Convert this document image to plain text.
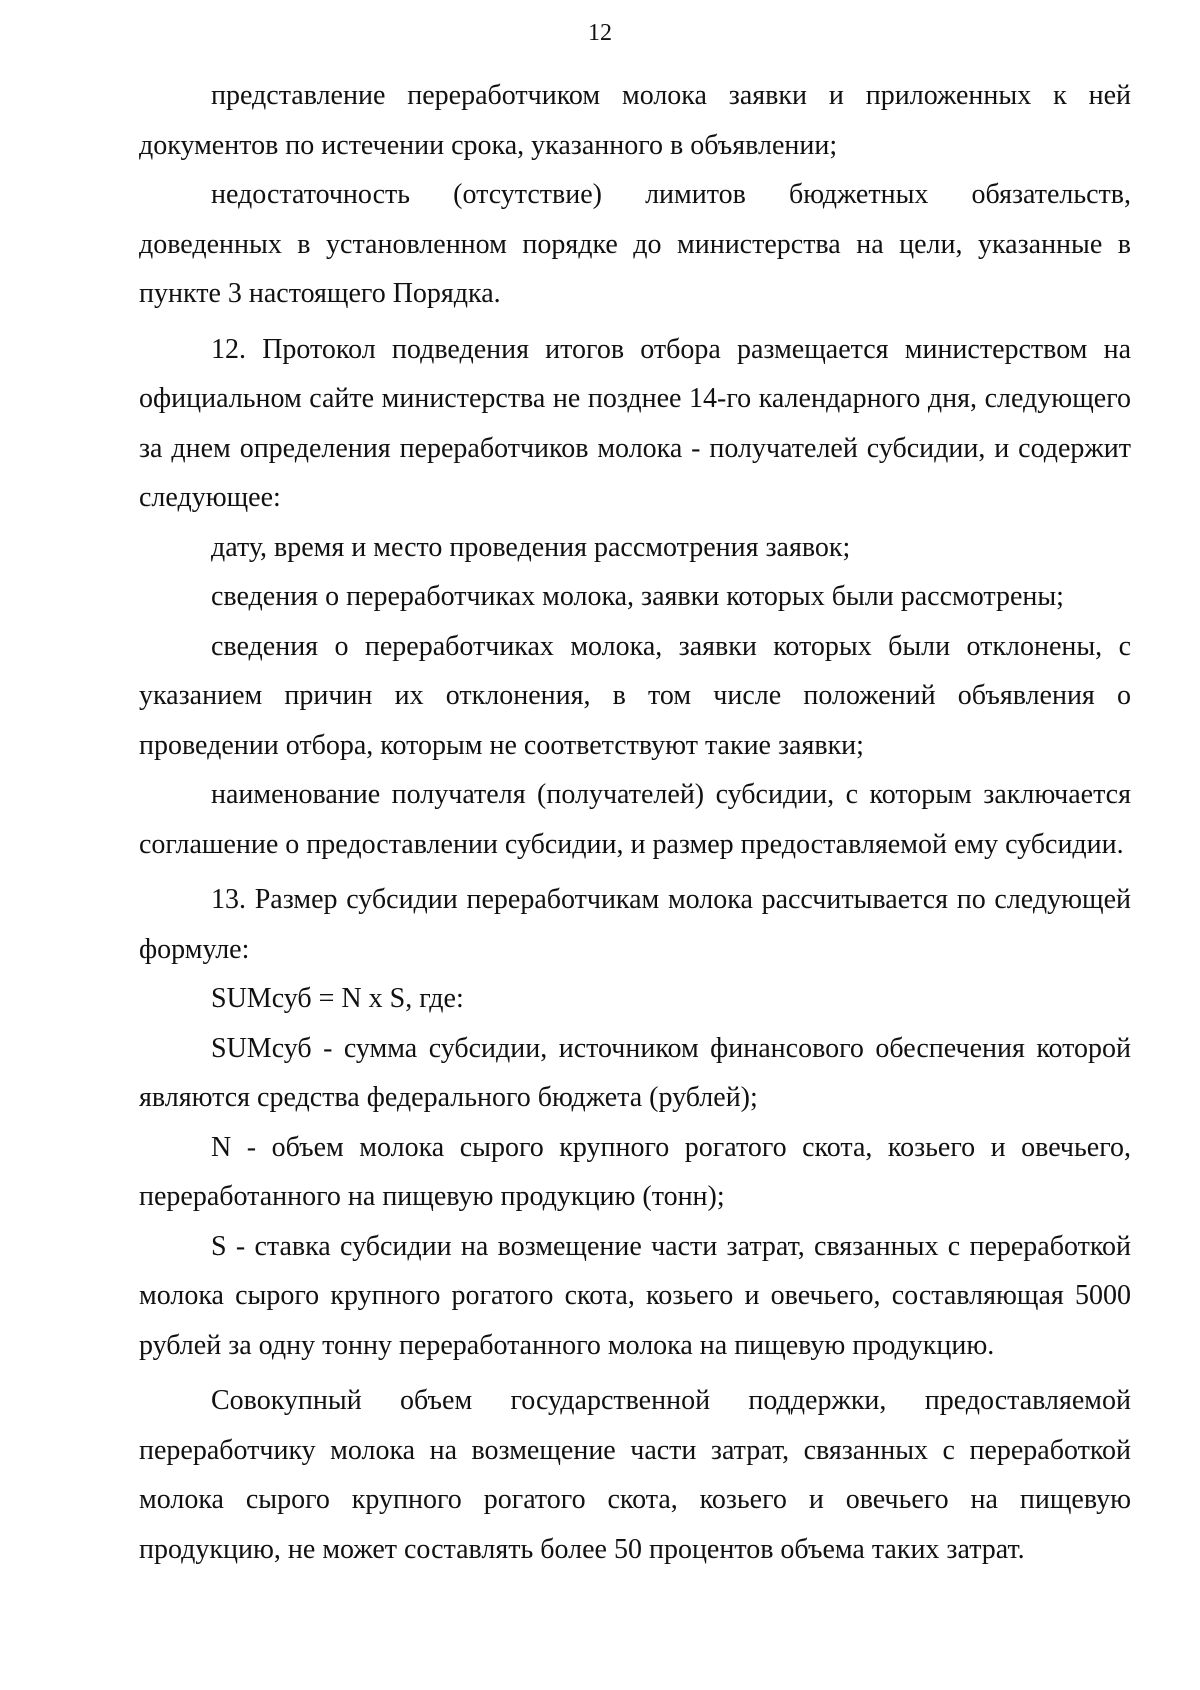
12

представление переработчиком молока заявки и приложенных к ней документов по истечении срока, указанного в объявлении;

недостаточность (отсутствие) лимитов бюджетных обязательств, доведенных в установленном порядке до министерства на цели, указанные в пункте 3 настоящего Порядка.

12. Протокол подведения итогов отбора размещается министерством на официальном сайте министерства не позднее 14-го календарного дня, следующего за днем определения переработчиков молока - получателей субсидии, и содержит следующее:

дату, время и место проведения рассмотрения заявок;

сведения о переработчиках молока, заявки которых были рассмотрены;

сведения о переработчиках молока, заявки которых были отклонены, с указанием причин их отклонения, в том числе положений объявления о проведении отбора, которым не соответствуют такие заявки;

наименование получателя (получателей) субсидии, с которым заключается соглашение о предоставлении субсидии, и размер предоставляемой ему субсидии.

13. Размер субсидии переработчикам молока рассчитывается по следующей формуле:

SUMсуб = N x S, где:

SUMсуб - сумма субсидии, источником финансового обеспечения которой являются средства федерального бюджета (рублей);

N - объем молока сырого крупного рогатого скота, козьего и овечьего, переработанного на пищевую продукцию (тонн);

S - ставка субсидии на возмещение части затрат, связанных с переработкой молока сырого крупного рогатого скота, козьего и овечьего, составляющая 5000 рублей за одну тонну переработанного молока на пищевую продукцию.

Совокупный объем государственной поддержки, предоставляемой переработчику молока на возмещение части затрат, связанных с переработкой молока сырого крупного рогатого скота, козьего и овечьего на пищевую продукцию, не может составлять более 50 процентов объема таких затрат.
